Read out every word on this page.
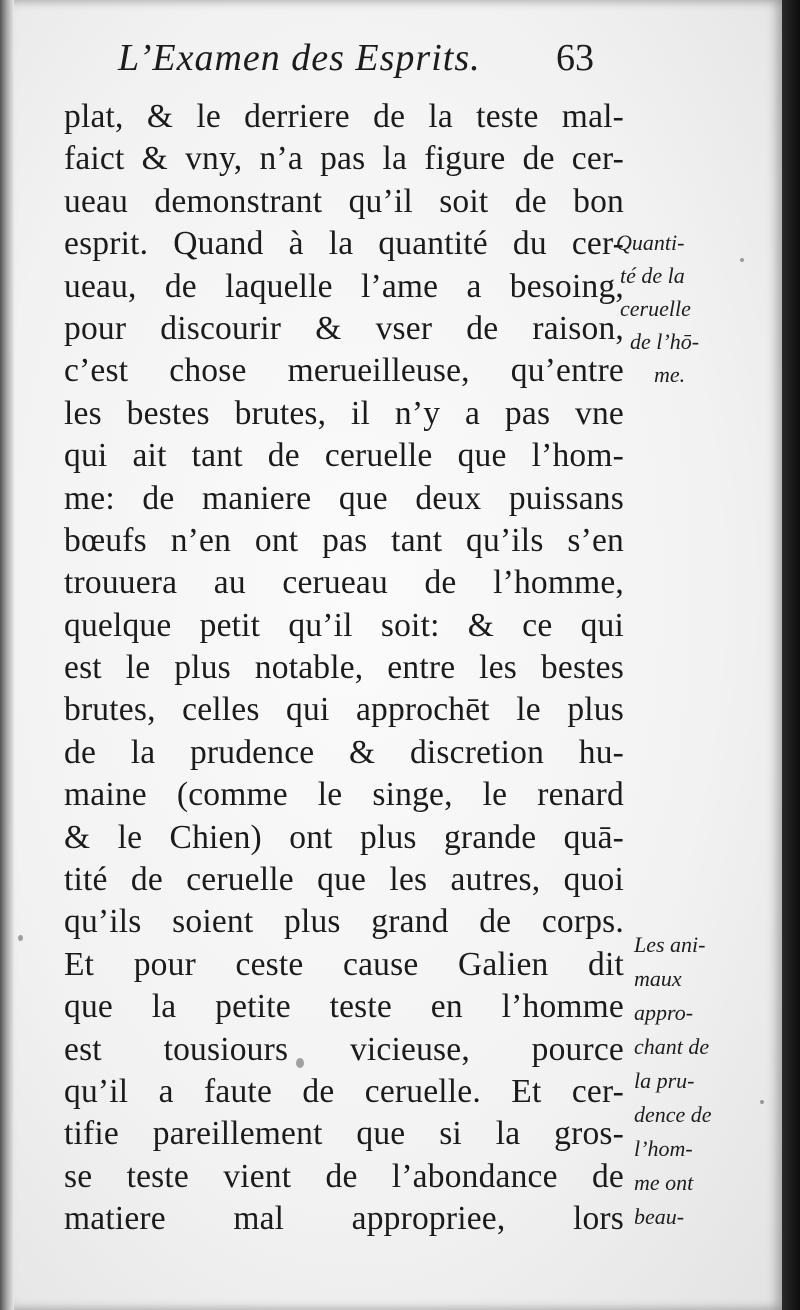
L’Examen des Esprits. 63
plat, & le derriere de la teste mal-
faict & vny, n’a pas la figure de cer-
ueau demonstrant qu’il soit de bon
esprit. Quand à la quantité du cer-
ueau, de laquelle l’ame a besoing,
pour discourir & vser de raison,
c’est chose merueilleuse, qu’entre
les bestes brutes, il n’y a pas vne
qui ait tant de ceruelle que l’hom-
me: de maniere que deux puissans
bœufs n’en ont pas tant qu’ils s’en
trouuera au cerueau de l’homme,
quelque petit qu’il soit: & ce qui
est le plus notable, entre les bestes
brutes, celles qui approchēt le plus
de la prudence & discretion hu-
maine (comme le singe, le renard
& le Chien) ont plus grande quā-
tité de ceruelle que les autres, quoi
qu’ils soient plus grand de corps.
Et pour ceste cause Galien dit
que la petite teste en l’homme
est tousiours vicieuse, pource
qu’il a faute de ceruelle. Et cer-
tifie pareillement que si la gros-
se teste vient de l’abondance de
matiere mal appropriee, lors
Quanti-
té de la
ceruelle
de l’hō-
me.
Les ani-
maux
appro-
chant de
la pru-
dence de
l’hom-
me ont
beau-
